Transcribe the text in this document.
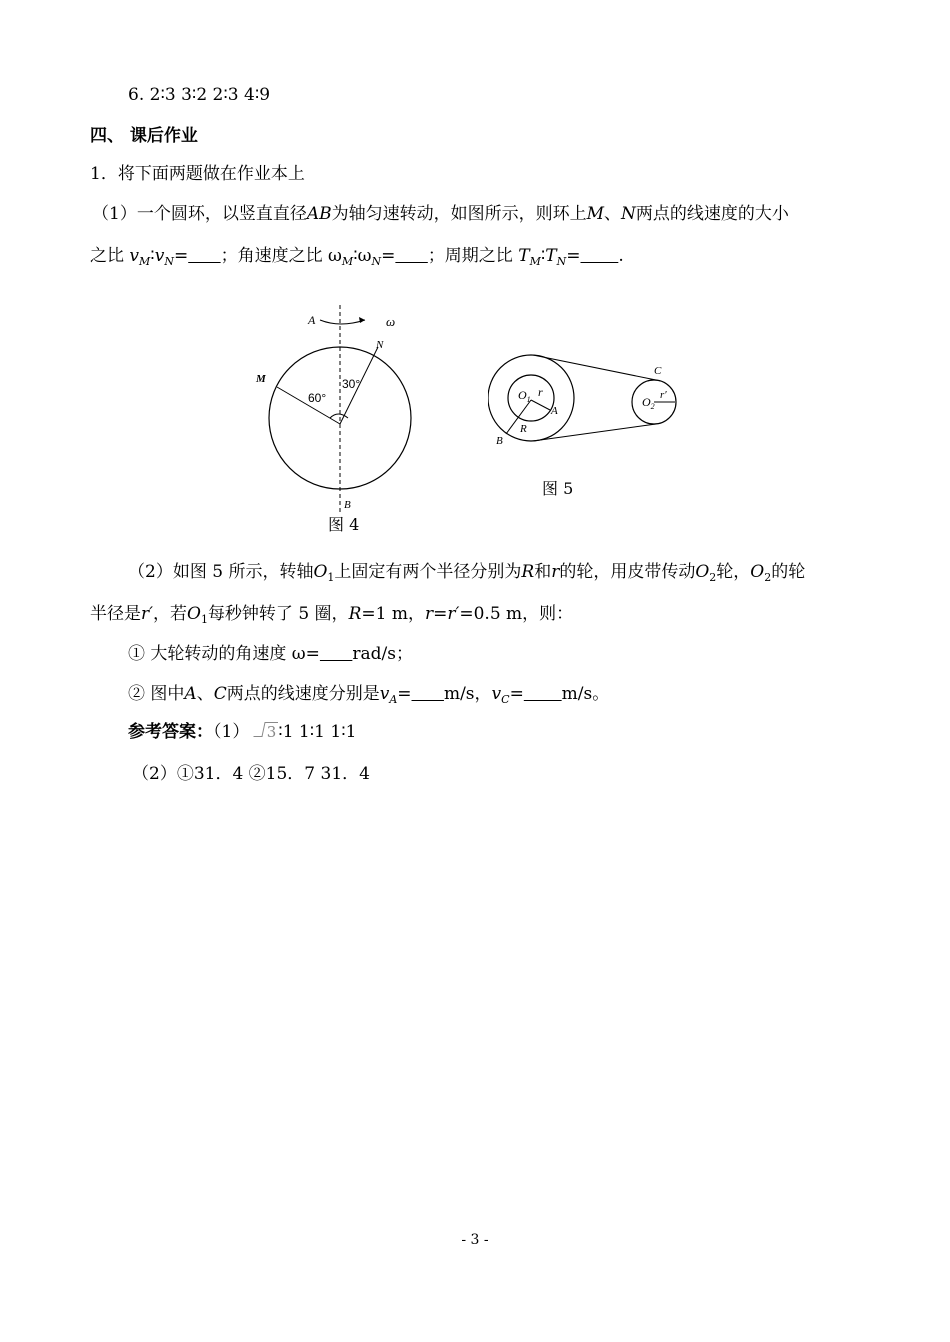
6. 2∶3 3∶2 2∶3 4∶9
四、 课后作业
1．将下面两题做在作业本上
（1）一个圆环，以竖直直径AB为轴匀速转动，如图所示，则环上M、N两点的线速度的大小
之比 $v_M∶v_N=$ ；角速度之比 $\omega_M∶\omega_N=$ ；周期之比 $T_M∶T_N=$ .
A	ω
M
N
60°
30°
B
图 4
$O_1$
r
A
R
B
C
$O_2$
r′
图 5
（2）如图 5 所示，转轴$O_1$上固定有两个半径分别为R和r的轮，用皮带传动$O_2$轮，$O_2$的轮
半径是r′，若$O_1$每秒钟转了 5 圈，R=1 m，r=r′=0.5 m，则：
① 大轮转动的角速度 ω= rad/s；
② 图中A、C两点的线速度分别是$v_A= m/s$，$v_C= m/s$。
参考答案：（1） 3 ∶1 1∶1 1∶1
（2）①31．4 ②15．7 31．4
- 3 -
